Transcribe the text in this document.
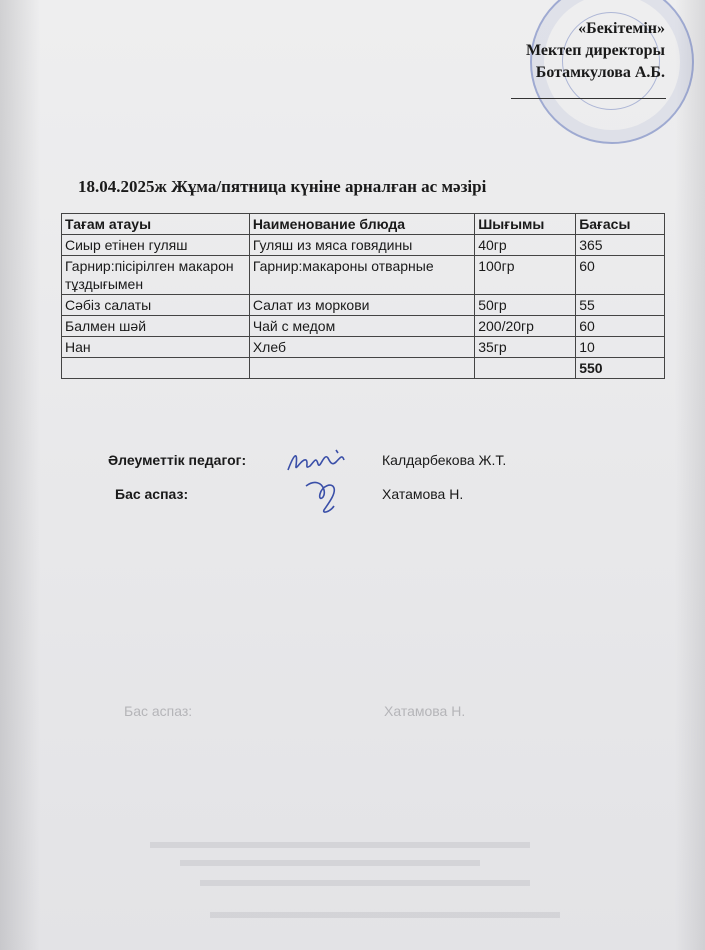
«Бекітемін»
Мектеп директоры
Ботамкулова А.Б.
18.04.2025ж Жұма/пятница күніне арналған ас мәзірі
Тағам атауы	Наименование блюда	Шығымы	Бағасы
Сиыр етінен гуляш	Гуляш из мяса говядины	40гр	365
Гарнир:пісірілген макарон тұздығымен	Гарнир:макароны отварные	100гр	60
Сәбіз салаты	Салат из моркови	50гр	55
Балмен шәй	Чай с медом	200/20гр	60
Нан	Хлеб	35гр	10
			550
Әлеуметтік педагог:	Калдарбекова Ж.Т.
Бас аспаз:	Хатамова Н.
Бас аспаз:	Хатамова Н.
